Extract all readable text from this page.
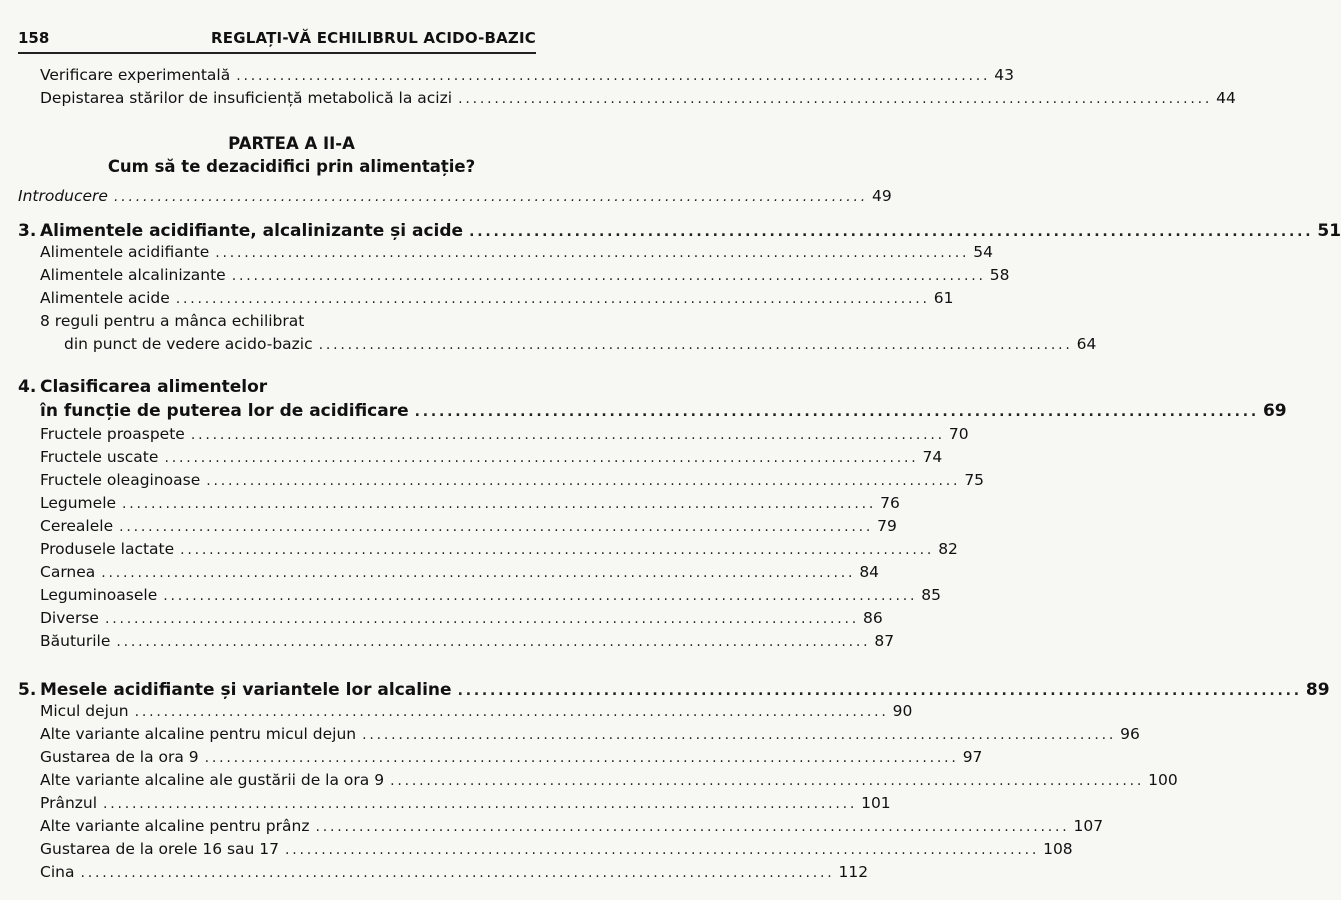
158	REGLAȚI-VĂ ECHILIBRUL ACIDO-BAZIC
Verificare experimentală ........................................................................................................ 43
Depistarea stărilor de insuficiență metabolică la acizi ........................................................................................................ 44
PARTEA A II-A
Cum să te dezacidifici prin alimentație?
Introducere ........................................................................................................ 49
3. Alimentele acidifiante, alcalinizante și acide ........................................................................................................ 51
Alimentele acidifiante ........................................................................................................ 54
Alimentele alcalinizante ........................................................................................................ 58
Alimentele acide ........................................................................................................ 61
8 reguli pentru a mânca echilibrat
din punct de vedere acido-bazic ........................................................................................................ 64
4. Clasificarea alimentelor
în funcție de puterea lor de acidificare ........................................................................................................ 69
Fructele proaspete ........................................................................................................ 70
Fructele uscate ........................................................................................................ 74
Fructele oleaginoase ........................................................................................................ 75
Legumele ........................................................................................................ 76
Cerealele ........................................................................................................ 79
Produsele lactate ........................................................................................................ 82
Carnea ........................................................................................................ 84
Leguminoasele ........................................................................................................ 85
Diverse ........................................................................................................ 86
Băuturile ........................................................................................................ 87
5. Mesele acidifiante și variantele lor alcaline ........................................................................................................ 89
Micul dejun ........................................................................................................ 90
Alte variante alcaline pentru micul dejun ........................................................................................................ 96
Gustarea de la ora 9 ........................................................................................................ 97
Alte variante alcaline ale gustării de la ora 9 ........................................................................................................ 100
Prânzul ........................................................................................................ 101
Alte variante alcaline pentru prânz ........................................................................................................ 107
Gustarea de la orele 16 sau 17 ........................................................................................................ 108
Cina ........................................................................................................ 112
